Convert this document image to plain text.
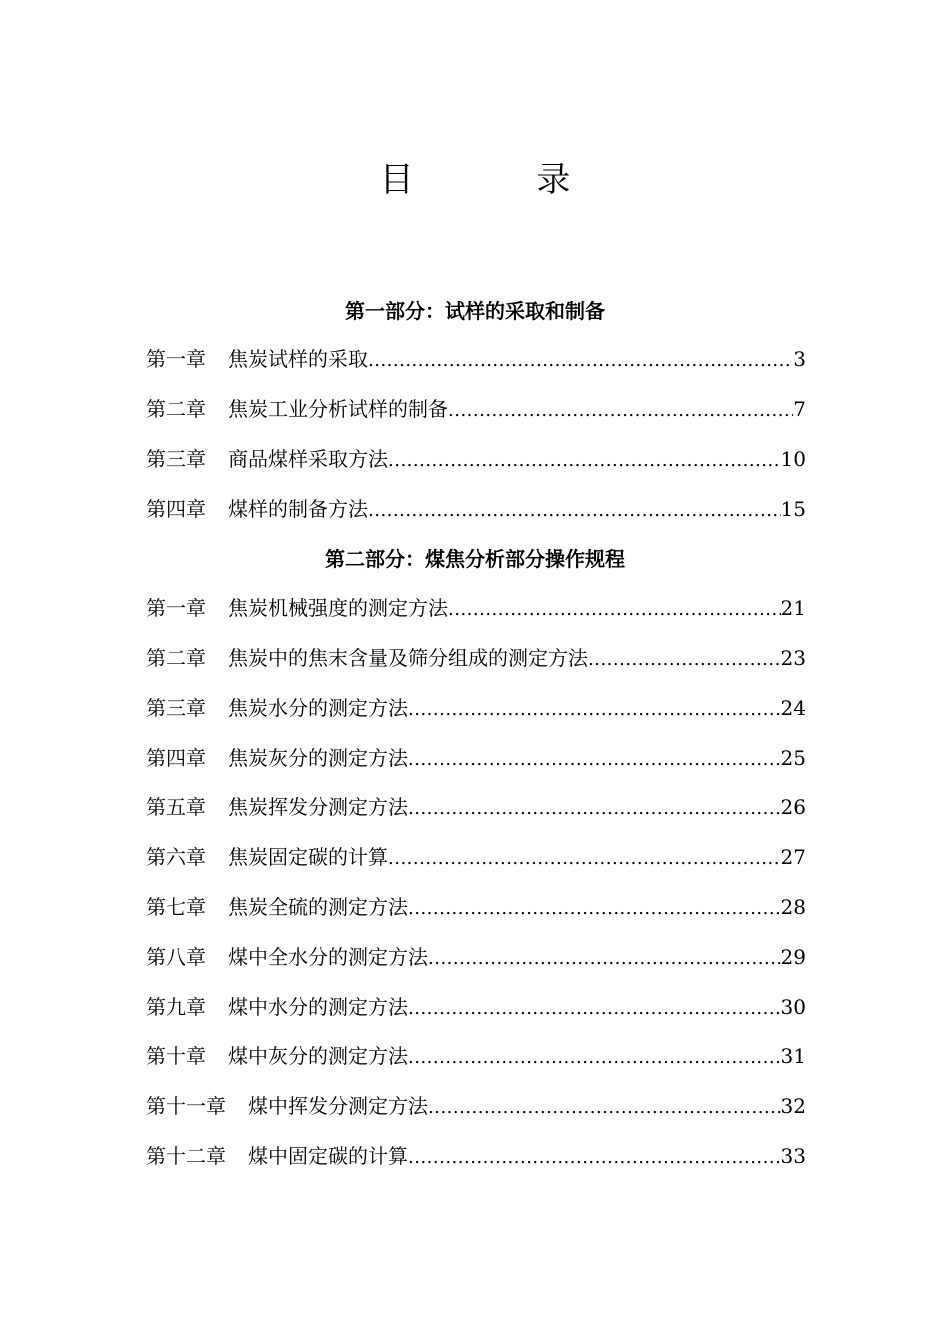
目 录
第一部分：试样的采取和制备
第一章 焦炭试样的采取 .....	3
第二章 焦炭工业分析试样的制备 .....	7
第三章 商品煤样采取方法 .....	10
第四章 煤样的制备方法 .....	15
第二部分：煤焦分析部分操作规程
第一章 焦炭机械强度的测定方法 .....	21
第二章 焦炭中的焦末含量及筛分组成的测定方法 .....	23
第三章 焦炭水分的测定方法 .....	24
第四章 焦炭灰分的测定方法 .....	25
第五章 焦炭挥发分测定方法 .....	26
第六章 焦炭固定碳的计算 .....	27
第七章 焦炭全硫的测定方法 .....	28
第八章 煤中全水分的测定方法 .....	29
第九章 煤中水分的测定方法 .....	30
第十章 煤中灰分的测定方法 .....	31
第十一章 煤中挥发分测定方法 .....	32
第十二章 煤中固定碳的计算 .....	33
